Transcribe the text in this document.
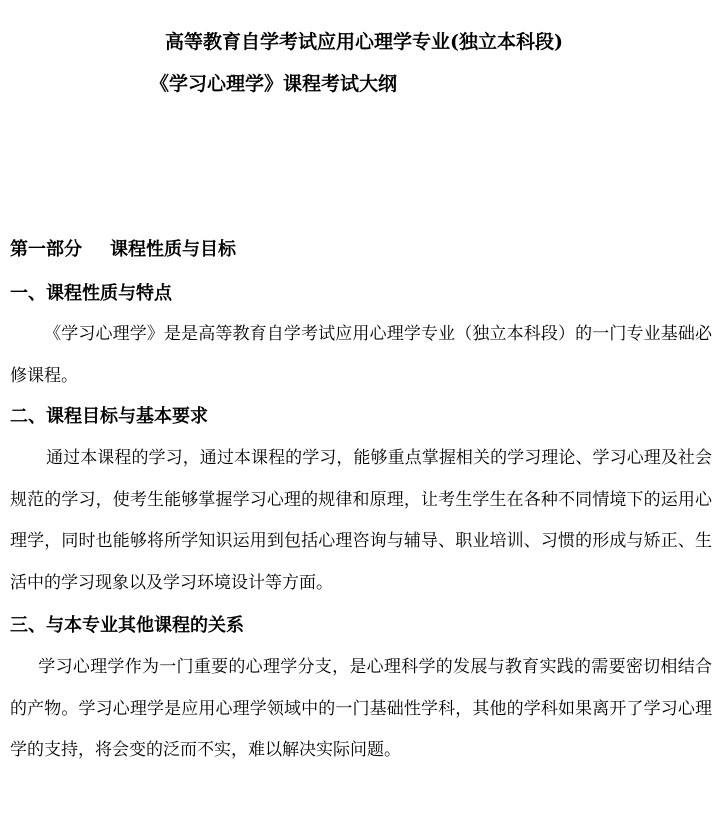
高等教育自学考试应用心理学专业(独立本科段)
《学习心理学》课程考试大纲
第一部分 课程性质与目标
一、课程性质与特点

《学习心理学》是是高等教育自学考试应用心理学专业（独立本科段）的一门专业基础必修课程。

二、课程目标与基本要求

通过本课程的学习，通过本课程的学习，能够重点掌握相关的学习理论、学习心理及社会规范的学习，使考生能够掌握学习心理的规律和原理，让考生学生在各种不同情境下的运用心理学，同时也能够将所学知识运用到包括心理咨询与辅导、职业培训、习惯的形成与矫正、生活中的学习现象以及学习环境设计等方面。

三、与本专业其他课程的关系

学习心理学作为一门重要的心理学分支，是心理科学的发展与教育实践的需要密切相结合的产物。学习心理学是应用心理学领域中的一门基础性学科，其他的学科如果离开了学习心理学的支持，将会变的泛而不实，难以解决实际问题。
